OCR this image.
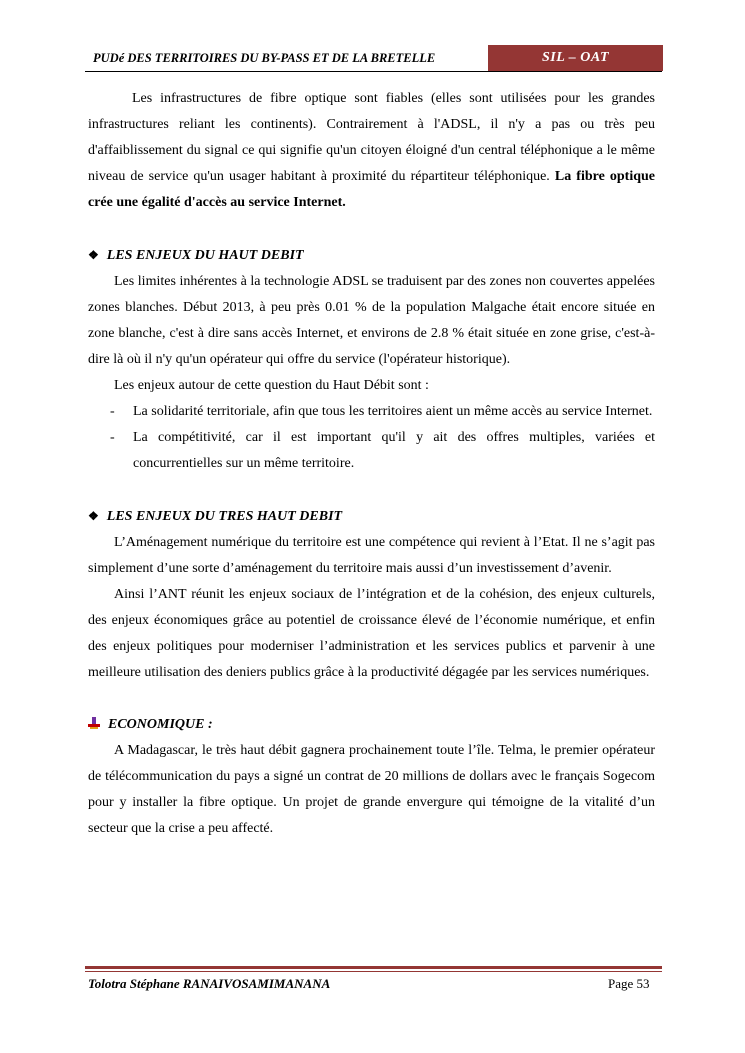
PUDé DES TERRITOIRES DU BY-PASS ET DE LA BRETELLE	SIL – OAT

Les infrastructures de fibre optique sont fiables (elles sont utilisées pour les grandes infrastructures reliant les continents). Contrairement à l'ADSL, il n'y a pas ou très peu d'affaiblissement du signal ce qui signifie qu'un citoyen éloigné d'un central téléphonique a le même niveau de service qu'un usager habitant à proximité du répartiteur téléphonique. La fibre optique crée une égalité d'accès au service Internet.

❖ LES ENJEUX DU HAUT DEBIT

Les limites inhérentes à la technologie ADSL se traduisent par des zones non couvertes appelées zones blanches. Début 2013, à peu près 0.01 % de la population Malgache était encore située en zone blanche, c'est à dire sans accès Internet, et environs de 2.8 % était située en zone grise, c'est-à-dire là où il n'y qu'un opérateur qui offre du service (l'opérateur historique).

Les enjeux autour de cette question du Haut Débit sont :

- La solidarité territoriale, afin que tous les territoires aient un même accès au service Internet.
- La compétitivité, car il est important qu'il y ait des offres multiples, variées et concurrentielles sur un même territoire.

❖ LES ENJEUX DU TRES HAUT DEBIT

L’Aménagement numérique du territoire est une compétence qui revient à l’Etat. Il ne s’agit pas simplement d’une sorte d’aménagement du territoire mais aussi d’un investissement d’avenir.

Ainsi l’ANT réunit les enjeux sociaux de l’intégration et de la cohésion, des enjeux culturels, des enjeux économiques grâce au potentiel de croissance élevé de l’économie numérique, et enfin des enjeux politiques pour moderniser l’administration et les services publics et parvenir à une meilleure utilisation des deniers publics grâce à la productivité dégagée par les services numériques.

ECONOMIQUE :

A Madagascar, le très haut débit gagnera prochainement toute l’île. Telma, le premier opérateur de télécommunication du pays a signé un contrat de 20 millions de dollars avec le français Sogecom pour y installer la fibre optique. Un projet de grande envergure qui témoigne de la vitalité d’un secteur que la crise a peu affecté.

Tolotra Stéphane RANAIVOSAMIMANANA	Page 53
